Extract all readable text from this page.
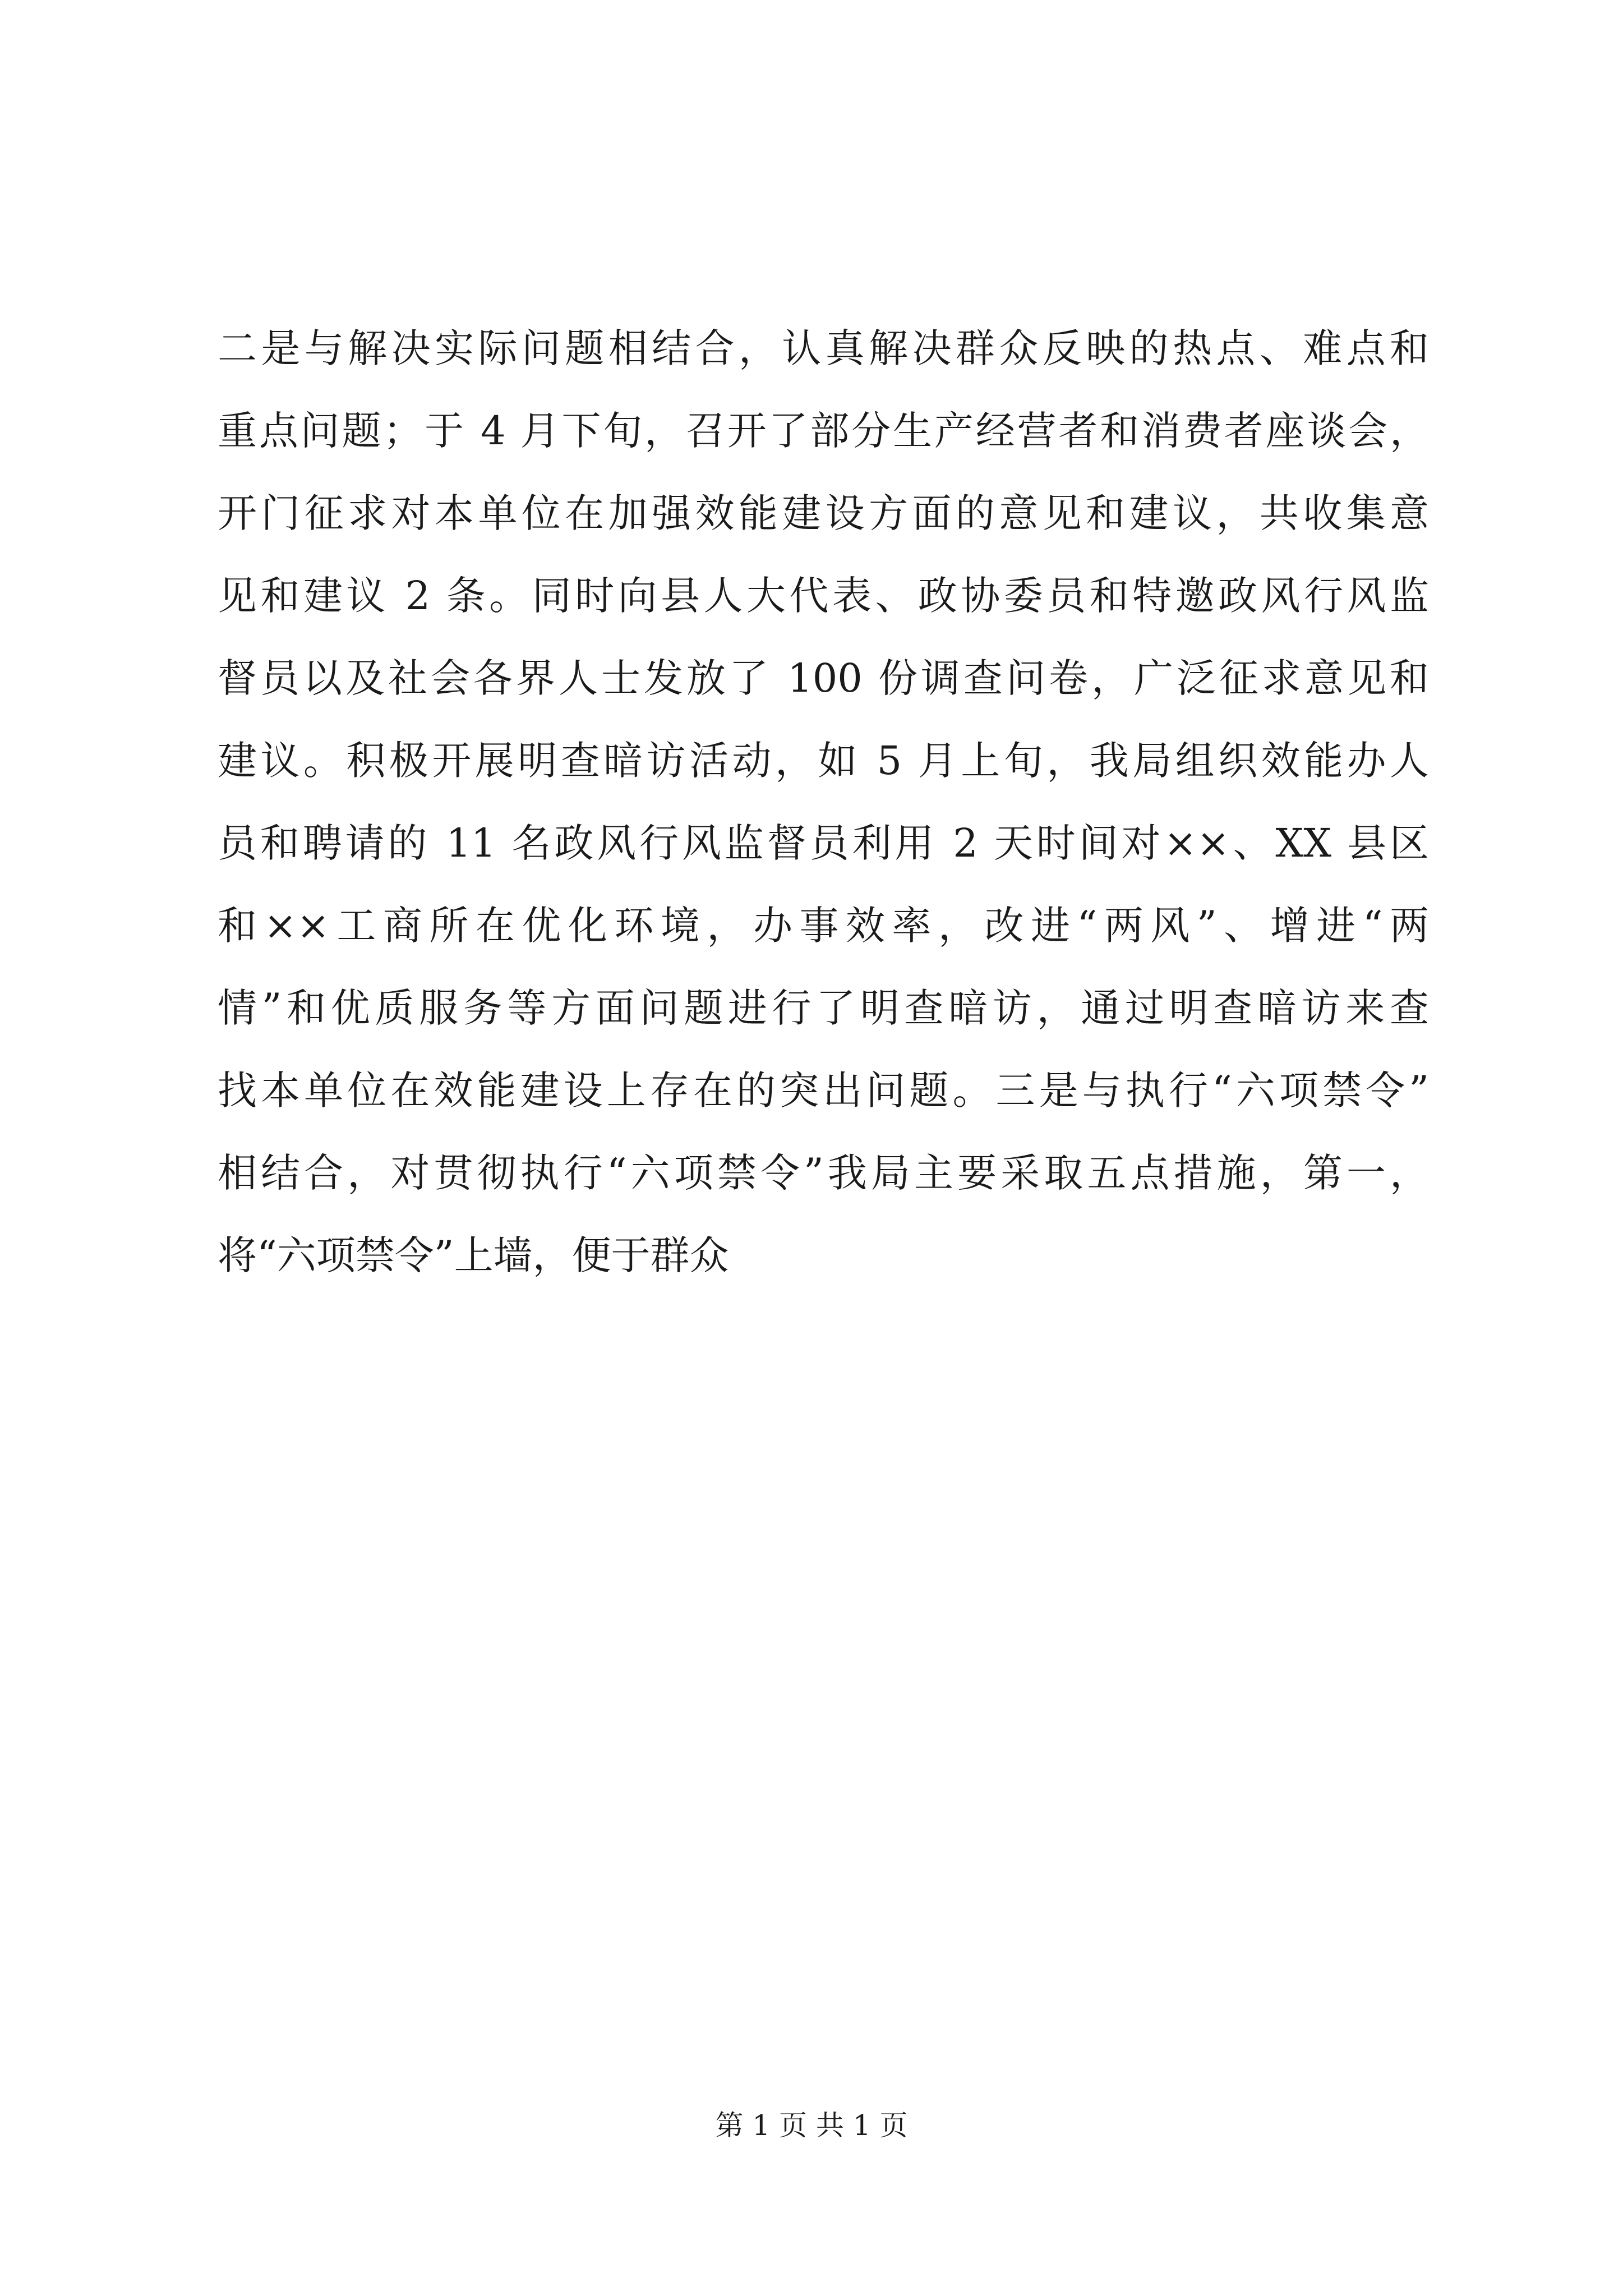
二是与解决实际问题相结合，认真解决群众反映的热点、难点和
重点问题；于 4 月下旬，召开了部分生产经营者和消费者座谈会，
开门征求对本单位在加强效能建设方面的意见和建议，共收集意
见和建议 2 条。同时向县人大代表、政协委员和特邀政风行风监
督员以及社会各界人士发放了 100 份调查问卷，广泛征求意见和
建议。积极开展明查暗访活动，如 5 月上旬，我局组织效能办人
员和聘请的 11 名政风行风监督员利用 2 天时间对××、XX 县区
和××工商所在优化环境，办事效率，改进“两风”、增进“两
情”和优质服务等方面问题进行了明查暗访，通过明查暗访来查
找本单位在效能建设上存在的突出问题。三是与执行“六项禁令”
相结合，对贯彻执行“六项禁令”我局主要采取五点措施，第一，
将“六项禁令”上墙，便于群众
第 1 页 共 1 页
